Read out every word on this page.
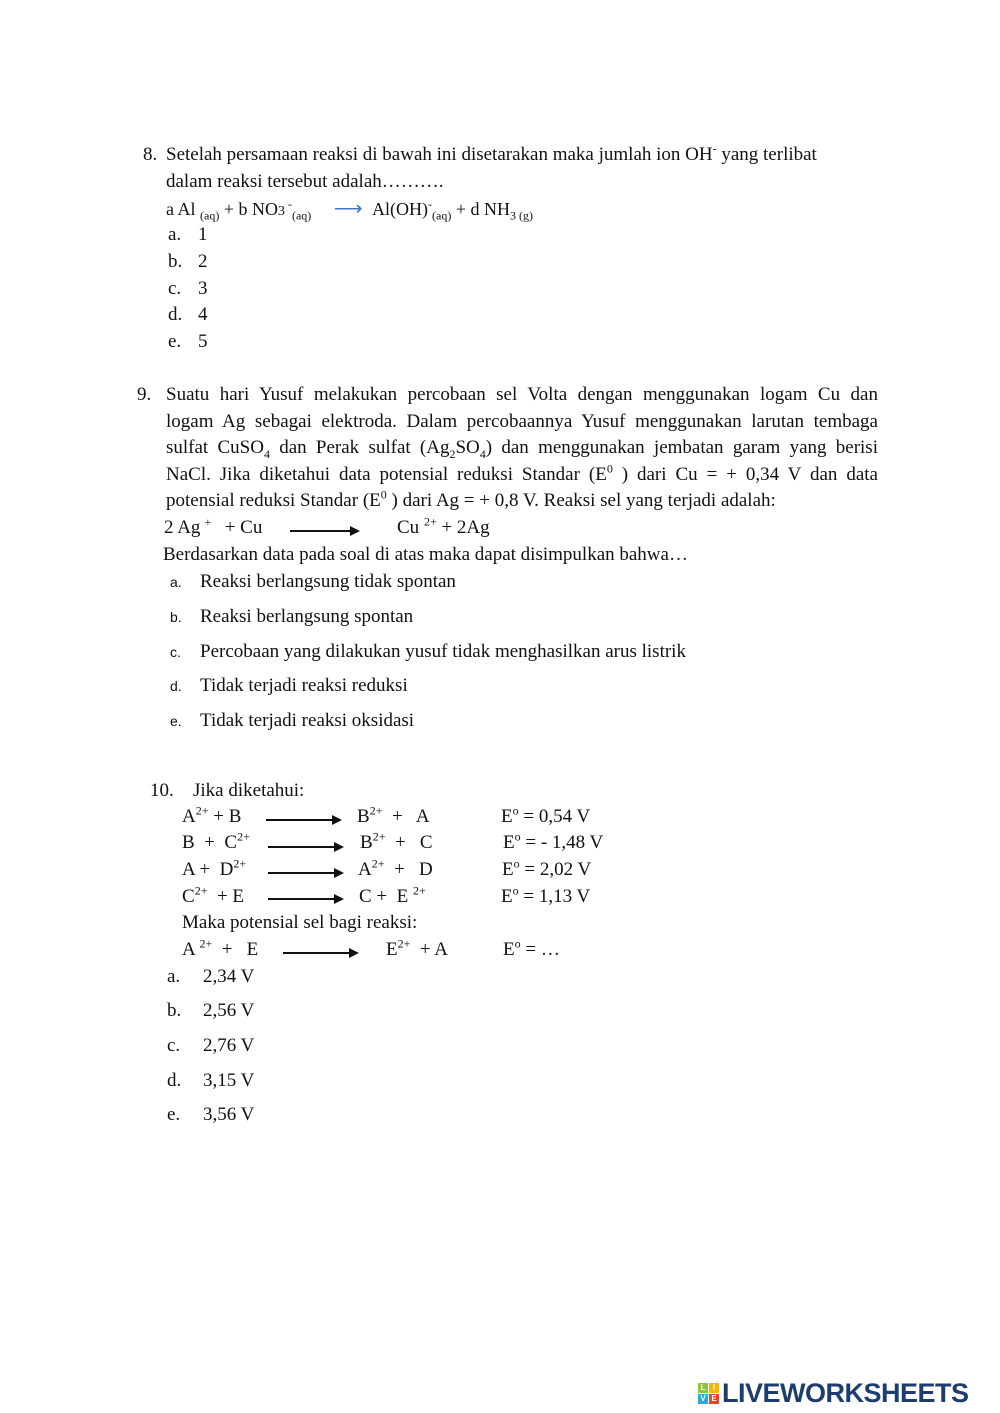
8. Setelah persamaan reaksi di bawah ini disetarakan maka jumlah ion OH- yang terlibat
dalam reaksi tersebut adalah……….
a Al $_{(aq)}$ + b NO3 -$_{(aq)}$ ⟶ $Al(OH)^-_{(aq)} + d$ $NH_{3 (g)}$
a. 1
b. 2
c. 3
d. 4
e. 5
9. Suatu hari Yusuf melakukan percobaan sel Volta dengan menggunakan logam Cu dan
logam Ag sebagai elektroda. Dalam percobaannya Yusuf menggunakan larutan tembaga
sulfat CuSO$_4$ dan Perak sulfat $(Ag_2SO_4)$ dan menggunakan jembatan garam yang berisi
NaCl. Jika diketahui data potensial reduksi Standar ($E^0$ ) dari Cu = + 0,34 V dan data
potensial reduksi Standar ($E^0$ ) dari Ag = + 0,8 V. Reaksi sel yang terjadi adalah:
2 Ag +  + Cu	Cu $^{2+}$ + 2Ag
Berdasarkan data pada soal di atas maka dapat disimpulkan bahwa…
a. Reaksi berlangsung tidak spontan
b. Reaksi berlangsung spontan
c. Percobaan yang dilakukan yusuf tidak menghasilkan arus listrik
d. Tidak terjadi reaksi reduksi
e. Tidak terjadi reaksi oksidasi
10. Jika diketahui:
$A^{2+} + B$	$B^{2+} + A$	$E^o = 0,54$ V
$B + C^{2+}$	$B^{2+} + C$	$E^o$ = - 1,48 V
$A + D^{2+}$	$A^{2+} + D$	$E^o = 2,02$ V
$C^{2+} + E$	C +  E $^{2+}$	$E^o = 1,13$ V
Maka potensial sel bagi reaksi:
A $^{2+}$  +   E	$E^{2+} + A$	$E^o$ = …
a. 2,34 V
b. 2,56 V
c. 2,76 V
d. 3,15 V
e. 3,56 V
L I
V E LIVEWORKSHEETS
